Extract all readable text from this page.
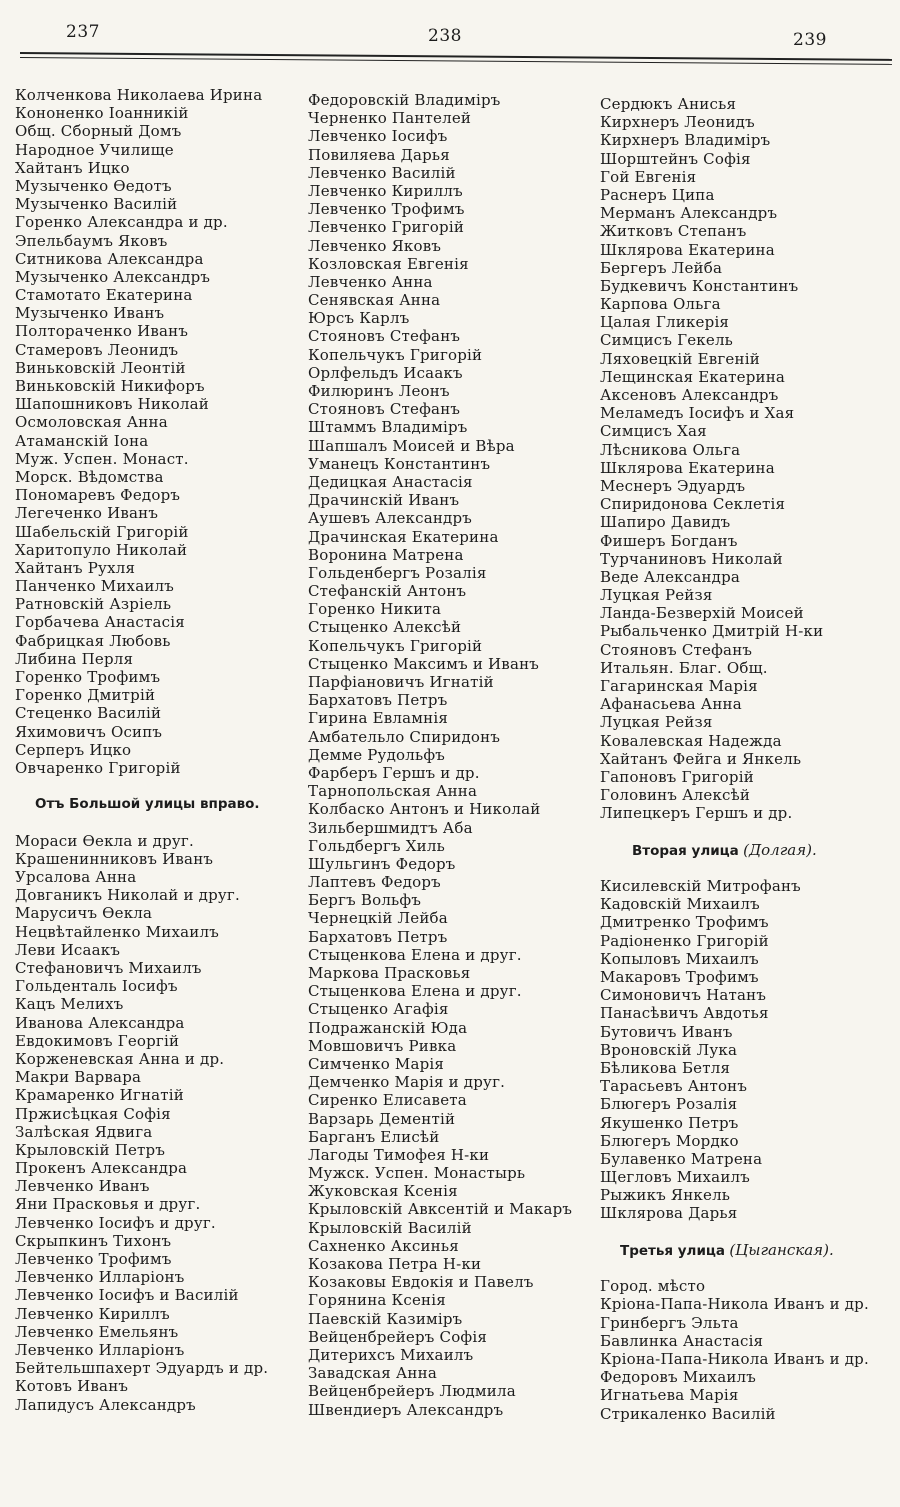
237	238	239
Колченкова Николаева Ирина
Кононенко Іоанникій
Общ. Сборный Домъ
Народное Училище
Хайтанъ Ицко
Музыченко Ѳедотъ
Музыченко Василій
Горенко Александра и др.
Эпельбаумъ Яковъ
Ситникова Александра
Музыченко Александръ
Стамотато Екатерина
Музыченко Иванъ
Полтораченко Иванъ
Стамеровъ Леонидъ
Виньковскій Леонтій
Виньковскій Никифоръ
Шапошниковъ Николай
Осмоловская Анна
Атаманскій Іона
Муж. Успен. Монаст.
Морск. Вѣдомства
Пономаревъ Федоръ
Легеченко Иванъ
Шабельскій Григорій
Харитопуло Николай
Хайтанъ Рухля
Панченко Михаилъ
Ратновскій Азріель
Горбачева Анастасія
Фабрицкая Любовь
Либина Перля
Горенко Трофимъ
Горенко Дмитрій
Стеценко Василій
Яхимовичъ Осипъ
Серперъ Ицко
Овчаренко Григорій
Отъ Большой улицы вправо.
Мораси Ѳекла и друг.
Крашенинниковъ Иванъ
Урсалова Анна
Довганикъ Николай и друг.
Марусичъ Ѳекла
Нецвѣтайленко Михаилъ
Леви Исаакъ
Стефановичъ Михаилъ
Гольденталь Іосифъ
Кацъ Мелихъ
Иванова Александра
Евдокимовъ Георгій
Корженевская Анна и др.
Макри Варвара
Крамаренко Игнатій
Пржисѣцкая Софія
Залѣская Ядвига
Крыловскій Петръ
Прокенъ Александра
Левченко Иванъ
Яни Прасковья и друг.
Левченко Іосифъ и друг.
Скрыпкинъ Тихонъ
Левченко Трофимъ
Левченко Илларіонъ
Левченко Іосифъ и Василій
Левченко Кириллъ
Левченко Емельянъ
Левченко Илларіонъ
Бейтельшпахерт Эдуардъ и др.
Котовъ Иванъ
Лапидусъ Александръ
Федоровскій Владиміръ
Черненко Пантелей
Левченко Іосифъ
Повиляева Дарья
Левченко Василій
Левченко Кириллъ
Левченко Трофимъ
Левченко Григорій
Левченко Яковъ
Козловская Евгенія
Левченко Анна
Сенявская Анна
Юрсъ Карлъ
Стояновъ Стефанъ
Копельчукъ Григорій
Орлфельдъ Исаакъ
Филюринъ Леонъ
Стояновъ Стефанъ
Штаммъ Владиміръ
Шапшалъ Моисей и Вѣра
Уманецъ Константинъ
Дедицкая Анастасія
Драчинскій Иванъ
Аушевъ Александръ
Драчинская Екатерина
Воронина Матрена
Гольденбергъ Розалія
Стефанскій Антонъ
Горенко Никита
Стыценко Алексѣй
Копельчукъ Григорій
Стыценко Максимъ и Иванъ
Парфіановичъ Игнатій
Бархатовъ Петръ
Гирина Евламнія
Амбательло Спиридонъ
Демме Рудольфъ
Фарберъ Гершъ и др.
Тарнопольская Анна
Колбаско Антонъ и Николай
Зильбершмидтъ Аба
Гольдбергъ Хиль
Шульгинъ Федоръ
Лаптевъ Федоръ
Бергъ Вольфъ
Чернецкій Лейба
Бархатовъ Петръ
Стыценкова Елена и друг.
Маркова Прасковья
Стыценкова Елена и друг.
Стыценко Агафія
Подражанскій Юда
Мовшовичъ Ривка
Симченко Марія
Демченко Марія и друг.
Сиренко Елисавета
Варзарь Дементій
Барганъ Елисѣй
Лагоды Тимофея Н-ки
Мужск. Успен. Монастырь
Жуковская Ксенія
Крыловскій Авксентій и Макаръ
Крыловскій Василій
Сахненко Аксинья
Козакова Петра Н-ки
Козаковы Евдокія и Павелъ
Горянина Ксенія
Паевскій Казиміръ
Вейценбрейеръ Софія
Дитерихсъ Михаилъ
Завадская Анна
Вейценбрейеръ Людмила
Швендиеръ Александръ
Сердюкъ Анисья
Кирхнеръ Леонидъ
Кирхнеръ Владиміръ
Шорштейнъ Софія
Гой Евгенія
Раснеръ Ципа
Мерманъ Александръ
Житковъ Степанъ
Шклярова Екатерина
Бергеръ Лейба
Будкевичъ Константинъ
Карпова Ольга
Цалая Гликерія
Симцисъ Гекель
Ляховецкій Евгеній
Лещинская Екатерина
Аксеновъ Александръ
Меламедъ Іосифъ и Хая
Симцисъ Хая
Лѣсникова Ольга
Шклярова Екатерина
Меснеръ Эдуардъ
Спиридонова Секлетія
Шапиро Давидъ
Фишеръ Богданъ
Турчаниновъ Николай
Веде Александра
Луцкая Рейзя
Ланда-Безверхій Моисей
Рыбальченко Дмитрій Н-ки
Стояновъ Стефанъ
Итальян. Благ. Общ.
Гагаринская Марія
Афанасьева Анна
Луцкая Рейзя
Ковалевская Надежда
Хайтанъ Фейга и Янкель
Гапоновъ Григорій
Головинъ Алексѣй
Липецкеръ Гершъ и др.
Вторая улица (Долгая).
Кисилевскій Митрофанъ
Кадовскій Михаилъ
Дмитренко Трофимъ
Радіоненко Григорій
Копыловъ Михаилъ
Макаровъ Трофимъ
Симоновичъ Натанъ
Панасѣвичъ Авдотья
Бутовичъ Иванъ
Вроновскій Лука
Бѣликова Бетля
Тарасьевъ Антонъ
Блюгеръ Розалія
Якушенко Петръ
Блюгеръ Мордко
Булавенко Матрена
Щегловъ Михаилъ
Рыжикъ Янкель
Шклярова Дарья
Третья улица (Цыганская).
Город. мѣсто
Кріона-Папа-Никола Иванъ и др.
Гринбергъ Эльта
Бавлинка Анастасія
Кріона-Папа-Никола Иванъ и др.
Федоровъ Михаилъ
Игнатьева Марія
Стрикаленко Василій
